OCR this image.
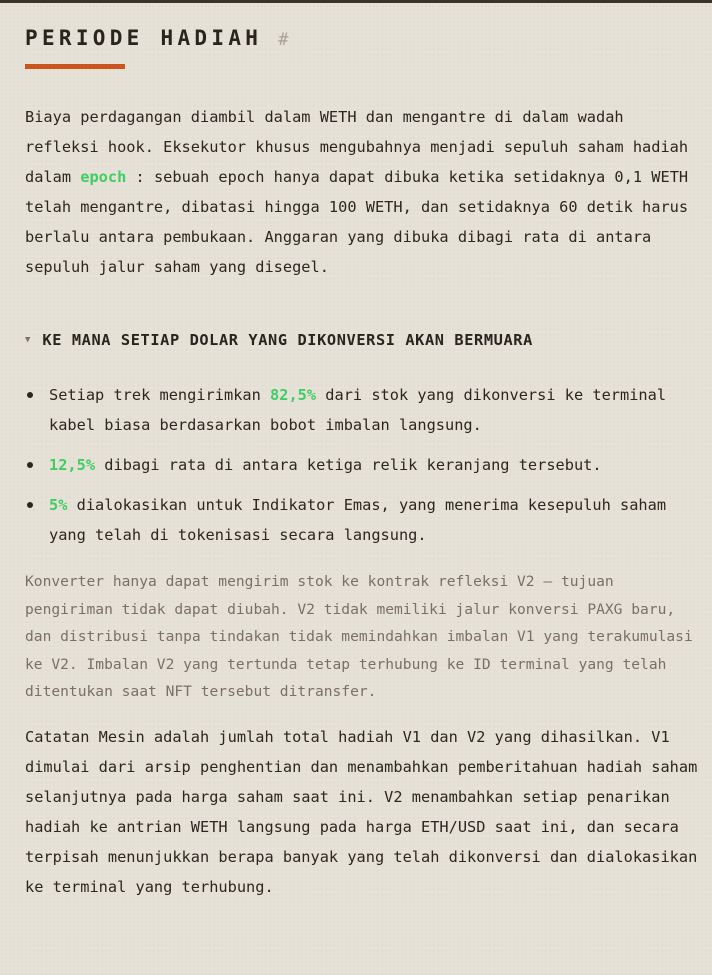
PERIODE HADIAH #

Biaya perdagangan diambil dalam WETH dan mengantre di dalam wadah refleksi hook. Eksekutor khusus mengubahnya menjadi sepuluh saham hadiah dalam epoch : sebuah epoch hanya dapat dibuka ketika setidaknya 0,1 WETH telah mengantre, dibatasi hingga 100 WETH, dan setidaknya 60 detik harus berlalu antara pembukaan. Anggaran yang dibuka dibagi rata di antara sepuluh jalur saham yang disegel.

▼ KE MANA SETIAP DOLAR YANG DIKONVERSI AKAN BERMUARA
Setiap trek mengirimkan 82,5% dari stok yang dikonversi ke terminal kabel biasa berdasarkan bobot imbalan langsung.
12,5% dibagi rata di antara ketiga relik keranjang tersebut.
5% dialokasikan untuk Indikator Emas, yang menerima kesepuluh saham yang telah di tokenisasi secara langsung.

Konverter hanya dapat mengirim stok ke kontrak refleksi V2 — tujuan pengiriman tidak dapat diubah. V2 tidak memiliki jalur konversi PAXG baru, dan distribusi tanpa tindakan tidak memindahkan imbalan V1 yang terakumulasi ke V2. Imbalan V2 yang tertunda tetap terhubung ke ID terminal yang telah ditentukan saat NFT tersebut ditransfer.

Catatan Mesin adalah jumlah total hadiah V1 dan V2 yang dihasilkan. V1 dimulai dari arsip penghentian dan menambahkan pemberitahuan hadiah saham selanjutnya pada harga saham saat ini. V2 menambahkan setiap penarikan hadiah ke antrian WETH langsung pada harga ETH/USD saat ini, dan secara terpisah menunjukkan berapa banyak yang telah dikonversi dan dialokasikan ke terminal yang terhubung.
